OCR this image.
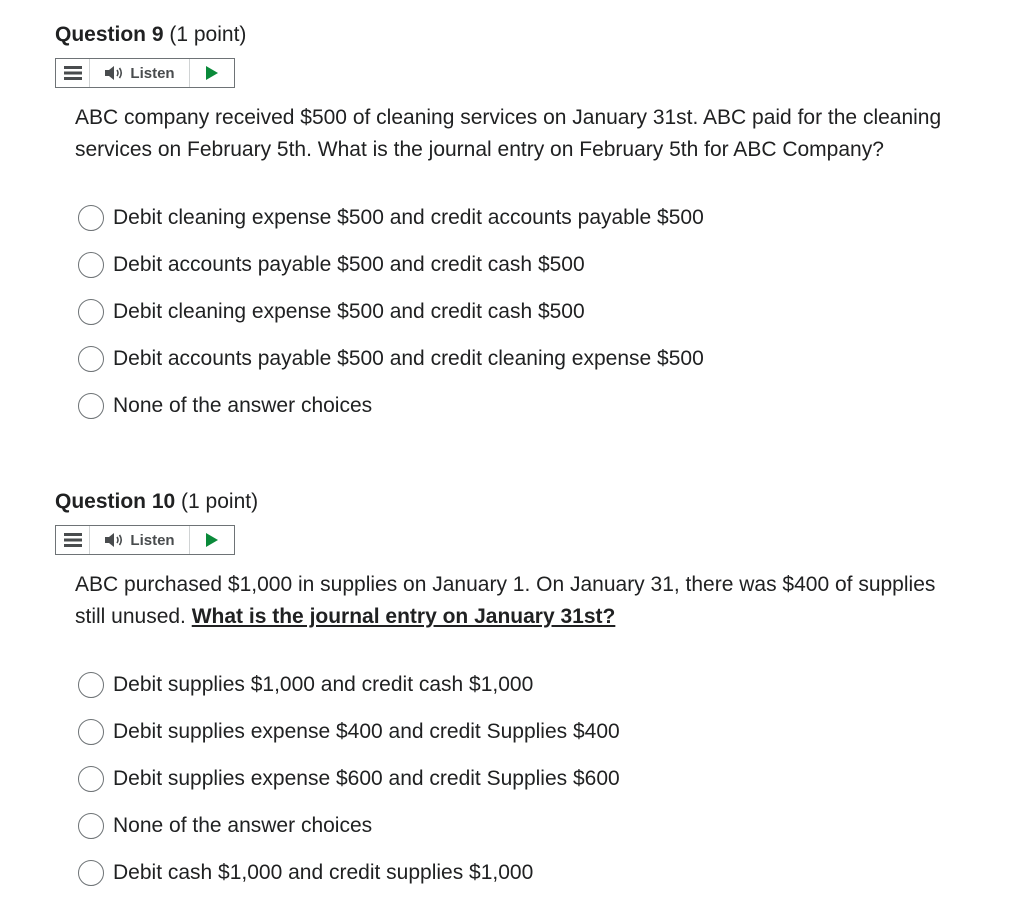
Question 9 (1 point)
Listen
ABC company received $500 of cleaning services on January 31st. ABC paid for the cleaning services on February 5th. What is the journal entry on February 5th for ABC Company?
Debit cleaning expense $500 and credit accounts payable $500
Debit accounts payable $500 and credit cash $500
Debit cleaning expense $500 and credit cash $500
Debit accounts payable $500 and credit cleaning expense $500
None of the answer choices
Question 10 (1 point)
Listen
ABC purchased $1,000 in supplies on January 1. On January 31, there was $400 of supplies still unused. What is the journal entry on January 31st?
Debit supplies $1,000 and credit cash $1,000
Debit supplies expense $400 and credit Supplies $400
Debit supplies expense $600 and credit Supplies $600
None of the answer choices
Debit cash $1,000 and credit supplies $1,000
